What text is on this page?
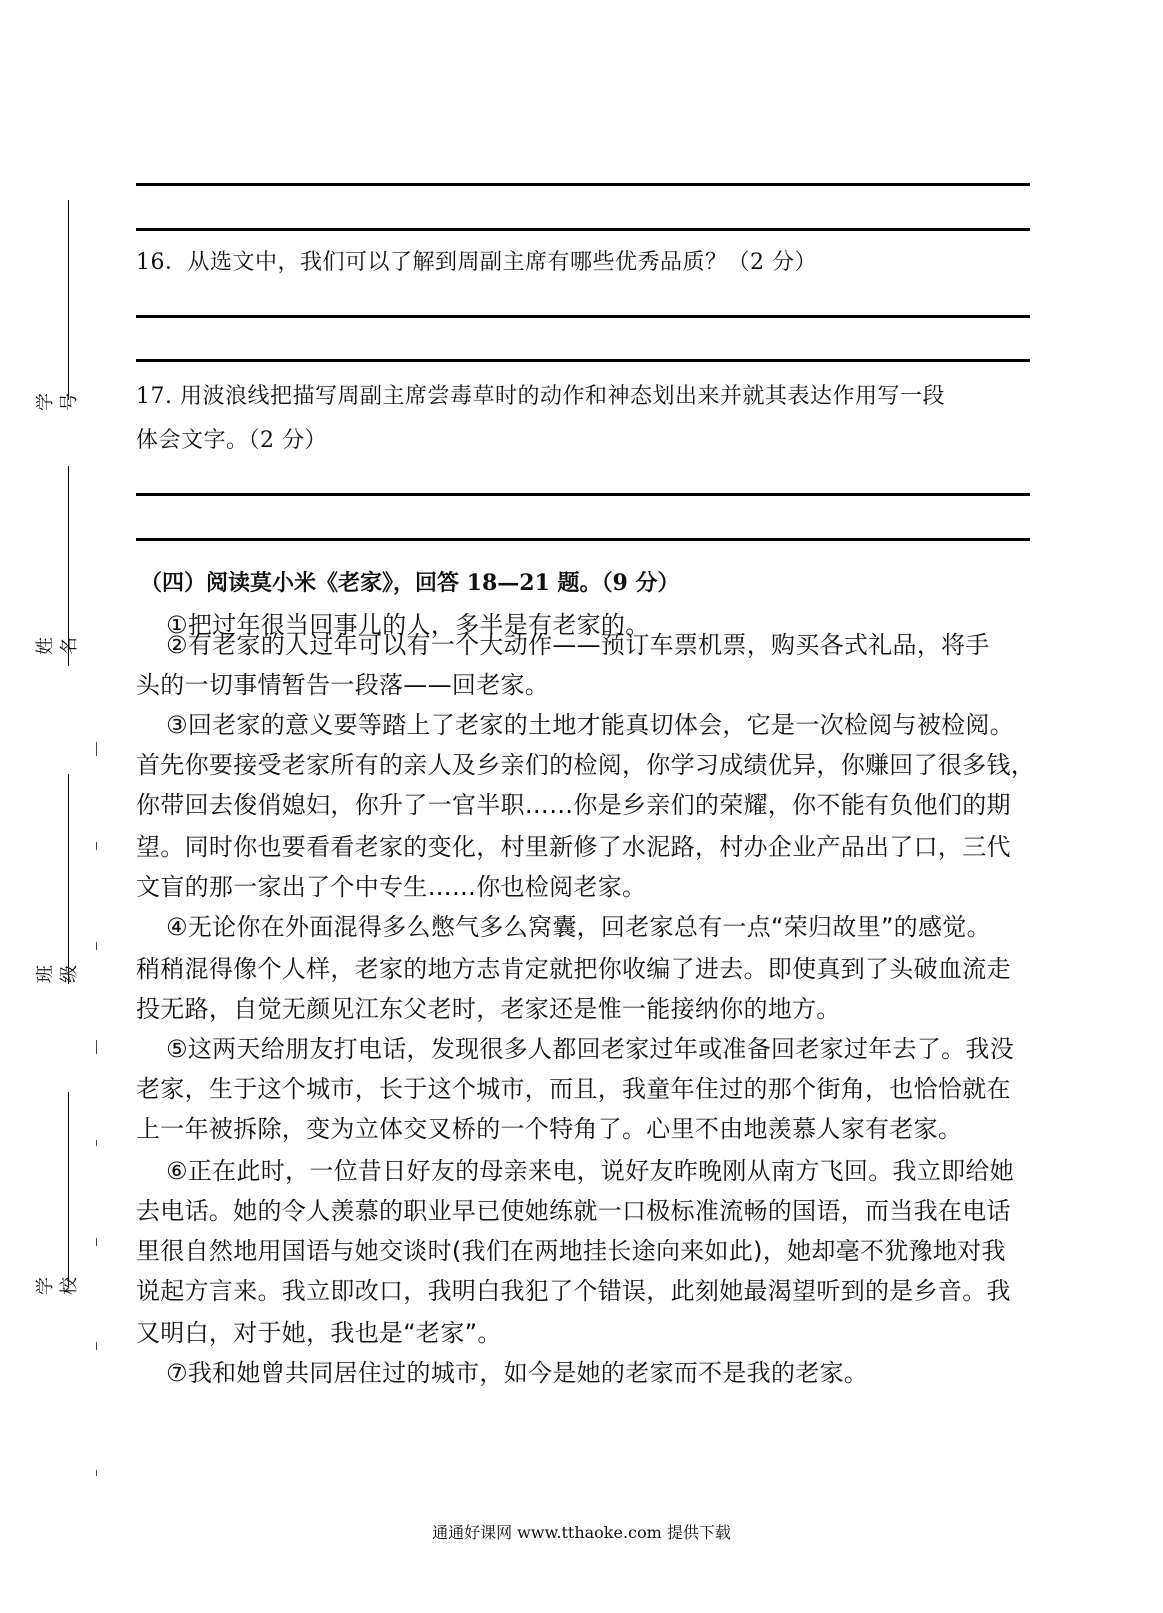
学号
姓名
班级
学校
16．从选文中，我们可以了解到周副主席有哪些优秀品质？（2 分）
17. 用波浪线把描写周副主席尝毒草时的动作和神态划出来并就其表达作用写一段
体会文字。（2 分）
（四）阅读莫小米《老家》，回答 18—21 题。（9 分）
①把过年很当回事儿的人，多半是有老家的。
②有老家的人过年可以有一个大动作——预订车票机票，购买各式礼品，将手
头的一切事情暂告一段落——回老家。
③回老家的意义要等踏上了老家的土地才能真切体会，它是一次检阅与被检阅。
首先你要接受老家所有的亲人及乡亲们的检阅，你学习成绩优异，你赚回了很多钱，
你带回去俊俏媳妇，你升了一官半职……你是乡亲们的荣耀，你不能有负他们的期
望。同时你也要看看老家的变化，村里新修了水泥路，村办企业产品出了口，三代
文盲的那一家出了个中专生……你也检阅老家。
④无论你在外面混得多么憋气多么窝囊，回老家总有一点“荣归故里”的感觉。
稍稍混得像个人样，老家的地方志肯定就把你收编了进去。即使真到了头破血流走
投无路，自觉无颜见江东父老时，老家还是惟一能接纳你的地方。
⑤这两天给朋友打电话，发现很多人都回老家过年或准备回老家过年去了。我没
老家，生于这个城市，长于这个城市，而且，我童年住过的那个街角，也恰恰就在
上一年被拆除，变为立体交叉桥的一个特角了。心里不由地羡慕人家有老家。
⑥正在此时，一位昔日好友的母亲来电，说好友昨晚刚从南方飞回。我立即给她
去电话。她的令人羡慕的职业早已使她练就一口极标准流畅的国语，而当我在电话
里很自然地用国语与她交谈时(我们在两地挂长途向来如此)，她却毫不犹豫地对我
说起方言来。我立即改口，我明白我犯了个错误，此刻她最渴望听到的是乡音。我
又明白，对于她，我也是“老家”。
⑦我和她曾共同居住过的城市，如今是她的老家而不是我的老家。
通通好课网 www.tthaoke.com 提供下载
